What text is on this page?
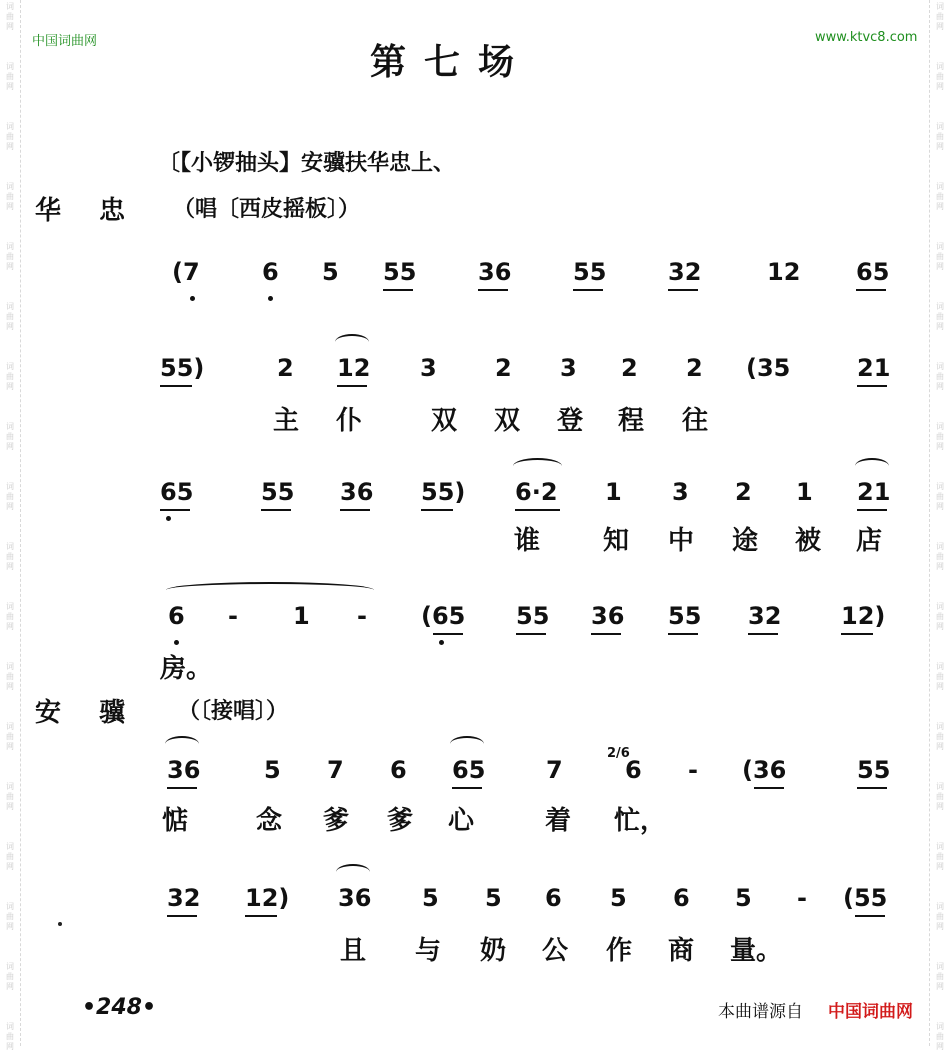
词
曲
网
词
曲
网
词
曲
网
词
曲
网
词
曲
网
词
曲
网
词
曲
网
词
曲
网
词
曲
网
词
曲
网
词
曲
网
词
曲
网
词
曲
网
词
曲
网
词
曲
网
词
曲
网
词
曲
网
词
曲
网
词
曲
网
词
曲
网
词
曲
网
词
曲
网
词
曲
网
词
曲
网
词
曲
网
词
曲
网
词
曲
网
词
曲
网
词
曲
网
词
曲
网
词
曲
网
词
曲
网
词
曲
网
词
曲
网
词
曲
网
词
曲
网
中国词曲网	www.ktvc8.com
第七场
〔【小锣抽头】安骥扶华忠上、
华忠 （唱〔西皮摇板〕）
安骥 （〔接唱〕）
(7	6 5 55	36	55	32	12 65
55)	2 12 3 2 3 2 2 (35	21
主 仆	双 双 登 程 往
65	55 36 55) 6·2 1 3 2 1 21
谁 知 中 途 被 店
6 - 1 - (65 55 36 55 32 12)
房。
36	5 7 6 65	7	6 - (36	55
2/6
惦	念 爹 爹 心	着 忙，
32 12) 36 5 5 6 5 6 5 - (55
且 与 奶 公 作 商 量。
•248•	本曲谱源自 中国词曲网
